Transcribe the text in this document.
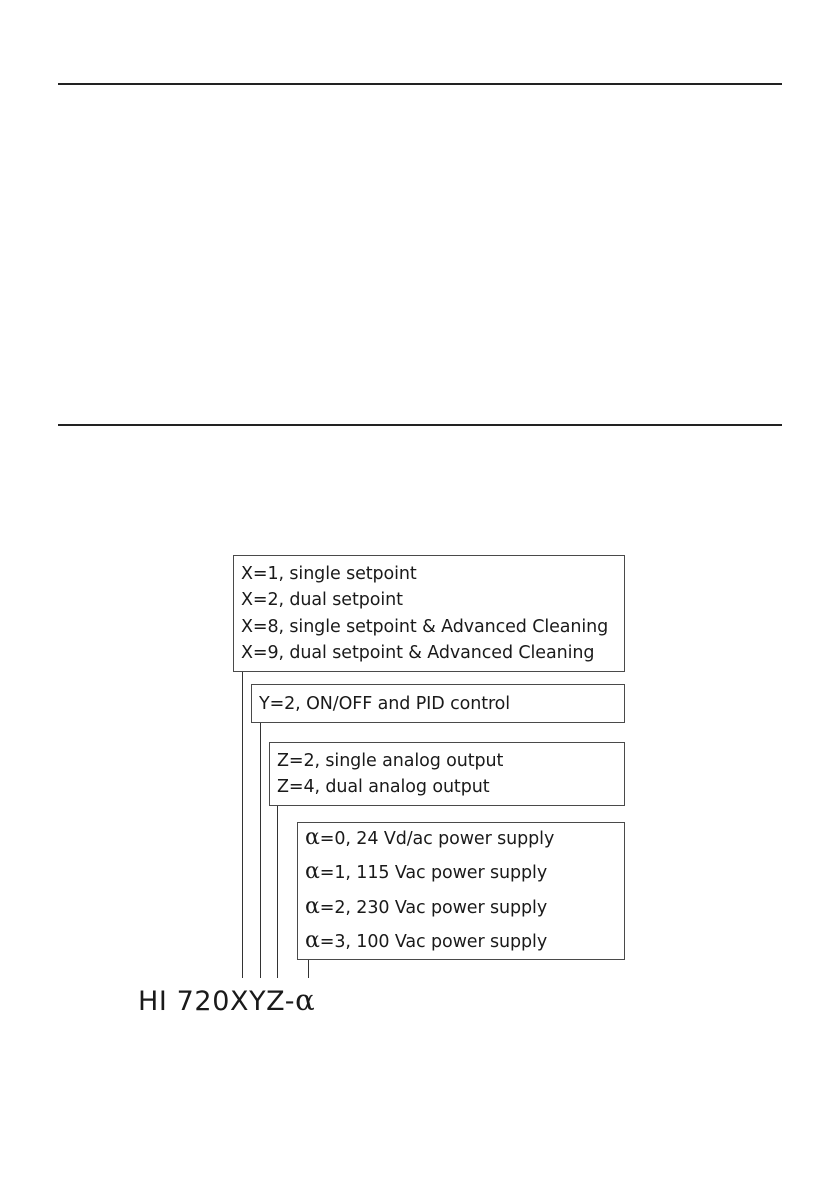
X=1, single setpoint
X=2, dual setpoint
X=8, single setpoint & Advanced Cleaning
X=9, dual setpoint & Advanced Cleaning
Y=2, ON/OFF and PID control
Z=2, single analog output
Z=4, dual analog output
α=0, 24 Vd/ac power supply
α=1, 115 Vac power supply
α=2, 230 Vac power supply
α=3, 100 Vac power supply
HI 720XYZ-α
